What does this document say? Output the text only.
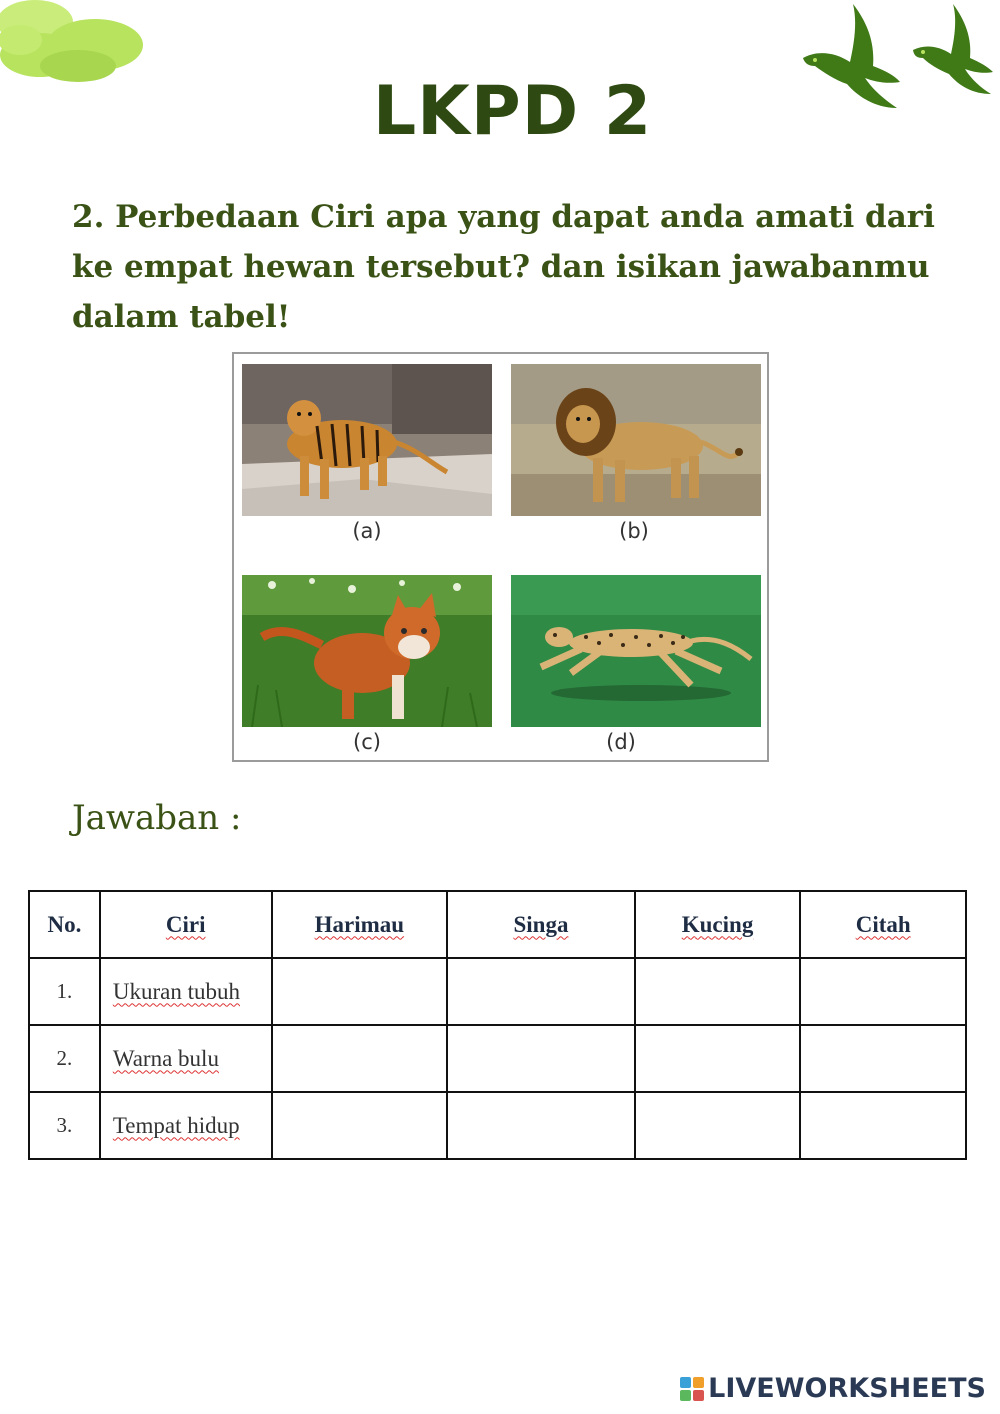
LKPD 2

2. Perbedaan Ciri apa yang dapat anda amati dari ke empat hewan tersebut? dan isikan jawabanmu dalam tabel!

(a)	(b)
(c)	(d)
Jawaban :
No.	Ciri	Harimau	Singa	Kucing	Citah
1.	Ukuran tubuh				
2.	Warna bulu				
3.	Tempat hidup				
LIVEWORKSHEETS
